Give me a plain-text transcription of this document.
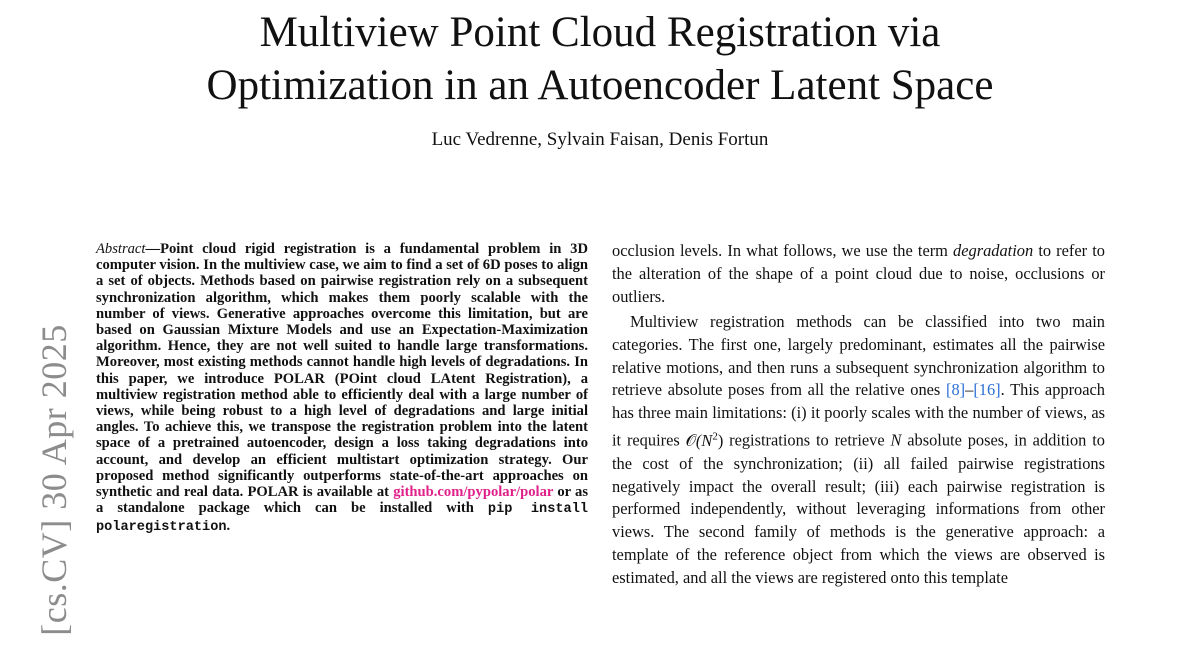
Multiview Point Cloud Registration via
Optimization in an Autoencoder Latent Space
Luc Vedrenne, Sylvain Faisan, Denis Fortun
[cs.CV] 30 Apr 2025
Abstract—Point cloud rigid registration is a fundamental problem in 3D computer vision. In the multiview case, we aim to find a set of 6D poses to align a set of objects. Methods based on pairwise registration rely on a subsequent synchronization algorithm, which makes them poorly scalable with the number of views. Generative approaches overcome this limitation, but are based on Gaussian Mixture Models and use an Expectation-Maximization algorithm. Hence, they are not well suited to handle large transformations. Moreover, most existing methods cannot handle high levels of degradations. In this paper, we introduce POLAR (POint cloud LAtent Registration), a multiview registration method able to efficiently deal with a large number of views, while being robust to a high level of degradations and large initial angles. To achieve this, we transpose the registration problem into the latent space of a pretrained autoencoder, design a loss taking degradations into account, and develop an efficient multistart optimization strategy. Our proposed method significantly outperforms state-of-the-art approaches on synthetic and real data. POLAR is available at github.com/pypolar/polar or as a standalone package which can be installed with pip install polaregistration.

occlusion levels. In what follows, we use the term degradation to refer to the alteration of the shape of a point cloud due to noise, occlusions or outliers.

Multiview registration methods can be classified into two main categories. The first one, largely predominant, estimates all the pairwise relative motions, and then runs a subsequent synchronization algorithm to retrieve absolute poses from all the relative ones [8]–[16]. This approach has three main limitations: (i) it poorly scales with the number of views, as it requires $𝒪(N^2)$ registrations to retrieve N absolute poses, in addition to the cost of the synchronization; (ii) all failed pairwise registrations negatively impact the overall result; (iii) each pairwise registration is performed independently, without leveraging informations from other views. The second family of methods is the generative approach: a template of the reference object from which the views are observed is estimated, and all the views are registered onto this template
